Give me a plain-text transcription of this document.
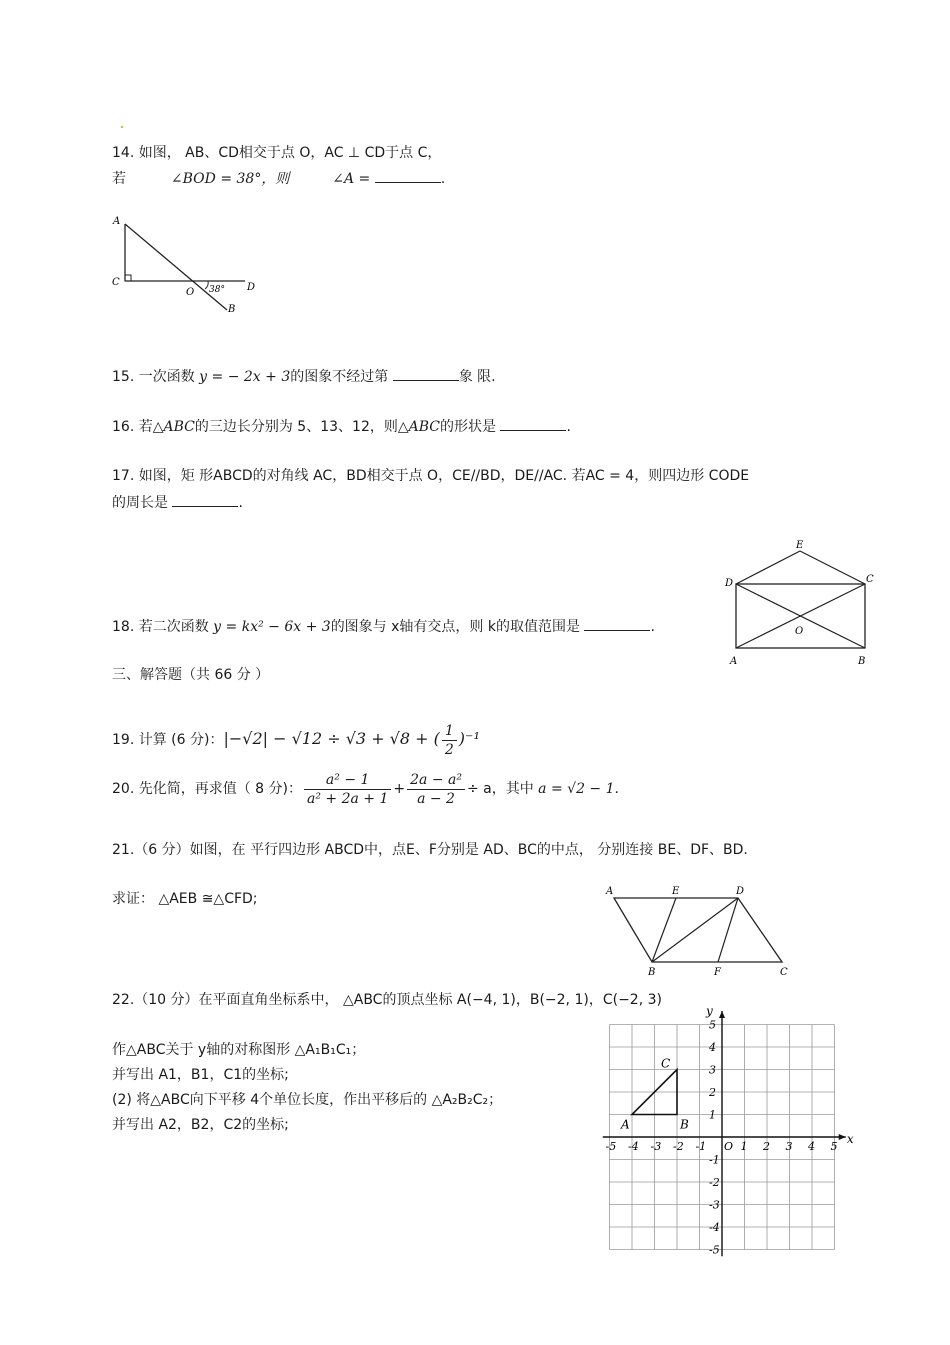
14. 如图， AB、CD相交于点 O，AC ⊥ CD于点 C，
若	∠BOD = 38°，则	∠A =	.
A
C
O 38° D
B
15. 一次函数 y = − 2x + 3的图象不经过第	象 限.
16. 若△ABC的三边长分别为 5、13、12，则△ABC的形状是	.
17. 如图，矩 形ABCD的对角线 AC，BD相交于点 O，CE//BD，DE//AC. 若AC = 4，则四边形 CODE
的周长是	.
E
D	C
O
A	B
18. 若二次函数 y = kx² − 6x + 3的图象与 x轴有交点，则 k的取值范围是	.
三、解答题（共 66 分 ）
19. 计算 (6 分)：|−√2| − √12 ÷ √3 + √8 + ( $\frac{1}{2} )^{-1}$
20. 先化简，再求值（ 8 分)： $\frac{\text{a² − 1}}{\text{a² + 2a + 1}} + \frac{\text{2a − a²}}{a - 2} \div a$，其中 a = √2 − 1.
21.（6 分）如图，在 平行四边形 ABCD中，点E、F分别是 AD、BC的中点， 分别连接 BE、DF、BD.
求证： △AEB ≅△CFD;	A	E	D
B	F	C
22.（10 分）在平面直角坐标系中， △ABC的顶点坐标 A(−4, 1)，B(−2, 1)，C(−2, 3)
作△ABC关于 y轴的对称图形 △A₁B₁C₁；
并写出 A1，B1，C1的坐标;
(2) 将△ABC向下平移 4个单位长度，作出平移后的 △A₂B₂C₂；
并写出 A2，B2，C2的坐标;
-5 -4 -3 -2 -1	1 2 3 4 5
5
4
3
2
1
-1
-2
-3
-4
-5
x
y
O
A	B
C
